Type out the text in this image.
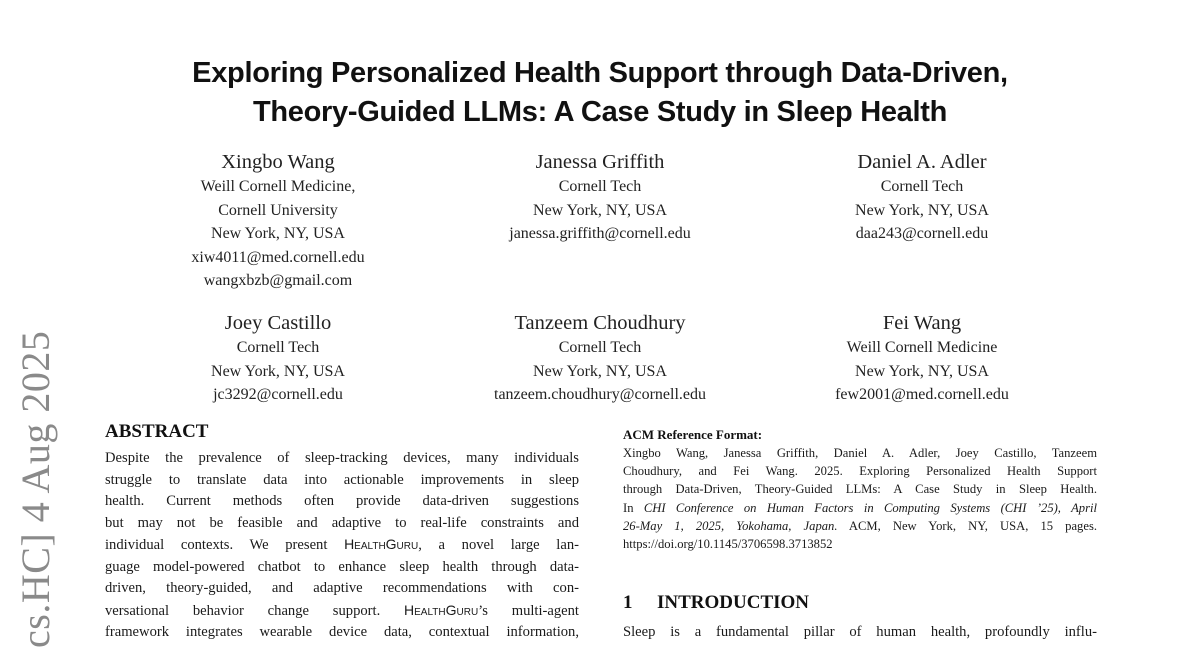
Exploring Personalized Health Support through Data-Driven,
Theory-Guided LLMs: A Case Study in Sleep Health
Xingbo Wang
Weill Cornell Medicine,
Cornell University
New York, NY, USA
xiw4011@med.cornell.edu
wangxbzb@gmail.com
Janessa Griffith
Cornell Tech
New York, NY, USA
janessa.griffith@cornell.edu
Daniel A. Adler
Cornell Tech
New York, NY, USA
daa243@cornell.edu
Joey Castillo
Cornell Tech
New York, NY, USA
jc3292@cornell.edu
Tanzeem Choudhury
Cornell Tech
New York, NY, USA
tanzeem.choudhury@cornell.edu
Fei Wang
Weill Cornell Medicine
New York, NY, USA
few2001@med.cornell.edu
cs.HC] 4 Aug 2025 ABSTRACT

Despite the prevalence of sleep-tracking devices, many individuals
struggle to translate data into actionable improvements in sleep
health. Current methods often provide data-driven suggestions
but may not be feasible and adaptive to real-life constraints and
individual contexts. We present HealthGuru, a novel large lan-
guage model-powered chatbot to enhance sleep health through data-
driven, theory-guided, and adaptive recommendations with con-
versational behavior change support. HealthGuru’s multi-agent
framework integrates wearable device data, contextual information,

ACM Reference Format:

Xingbo Wang, Janessa Griffith, Daniel A. Adler, Joey Castillo, Tanzeem
Choudhury, and Fei Wang. 2025. Exploring Personalized Health Support
through Data-Driven, Theory-Guided LLMs: A Case Study in Sleep Health.
In CHI Conference on Human Factors in Computing Systems (CHI ’25), April
26-May 1, 2025, Yokohama, Japan. ACM, New York, NY, USA, 15 pages.
https://doi.org/10.1145/3706598.3713852

1 INTRODUCTION
Sleep is a fundamental pillar of human health, profoundly influ-
